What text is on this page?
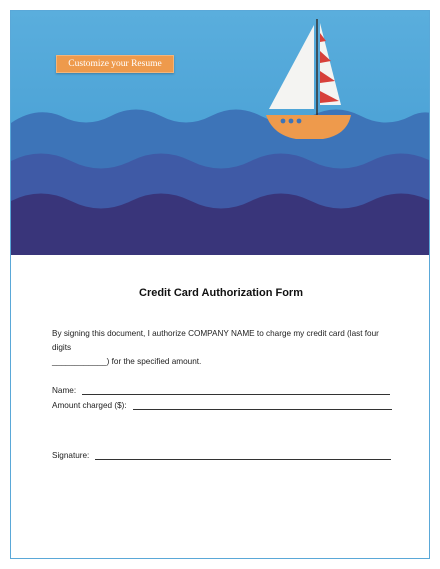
Customize your Resume
Credit Card Authorization Form
By signing this document, I authorize COMPANY NAME to charge my credit card (last four digits
____________) for the specified amount.
Name:
Amount charged ($):
Signature:
